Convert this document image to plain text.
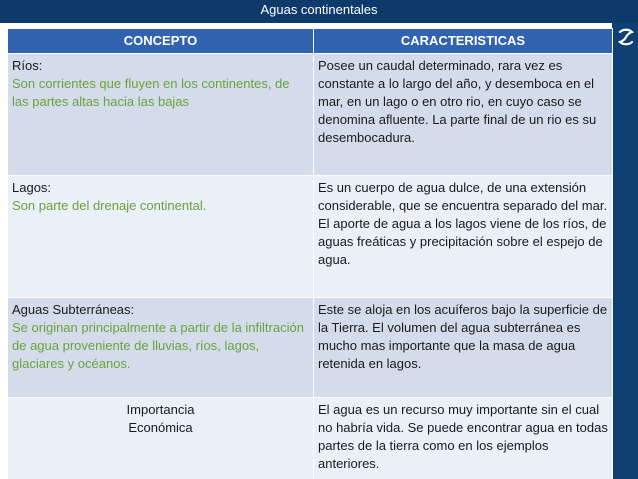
Aguas continentales
CONCEPTO	CARACTERISTICAS

Ríos:
Son corrientes que fluyen en los continentes, de las partes altas hacia las bajas	Posee un caudal determinado, rara vez es constante a lo largo del año, y desemboca en el mar, en un lago o en otro rio, en cuyo caso se denomina afluente. La parte final de un rio es su desembocadura.

Lagos:
Son parte del drenaje continental.	Es un cuerpo de agua dulce, de una extensión considerable, que se encuentra separado del mar. El aporte de agua a los lagos viene de los ríos, de aguas freáticas y precipitación sobre el espejo de agua.

Aguas Subterráneas:
Se originan principalmente a partir de la infiltración de agua proveniente de lluvias, ríos, lagos, glaciares y océanos.	Este se aloja en los acuíferos bajo la superficie de la Tierra. El volumen del agua subterránea es mucho mas importante que la masa de agua retenida en lagos.

Importancia Económica	El agua es un recurso muy importante sin el cual no habría vida. Se puede encontrar agua en todas partes de la tierra como en los ejemplos anteriores.
